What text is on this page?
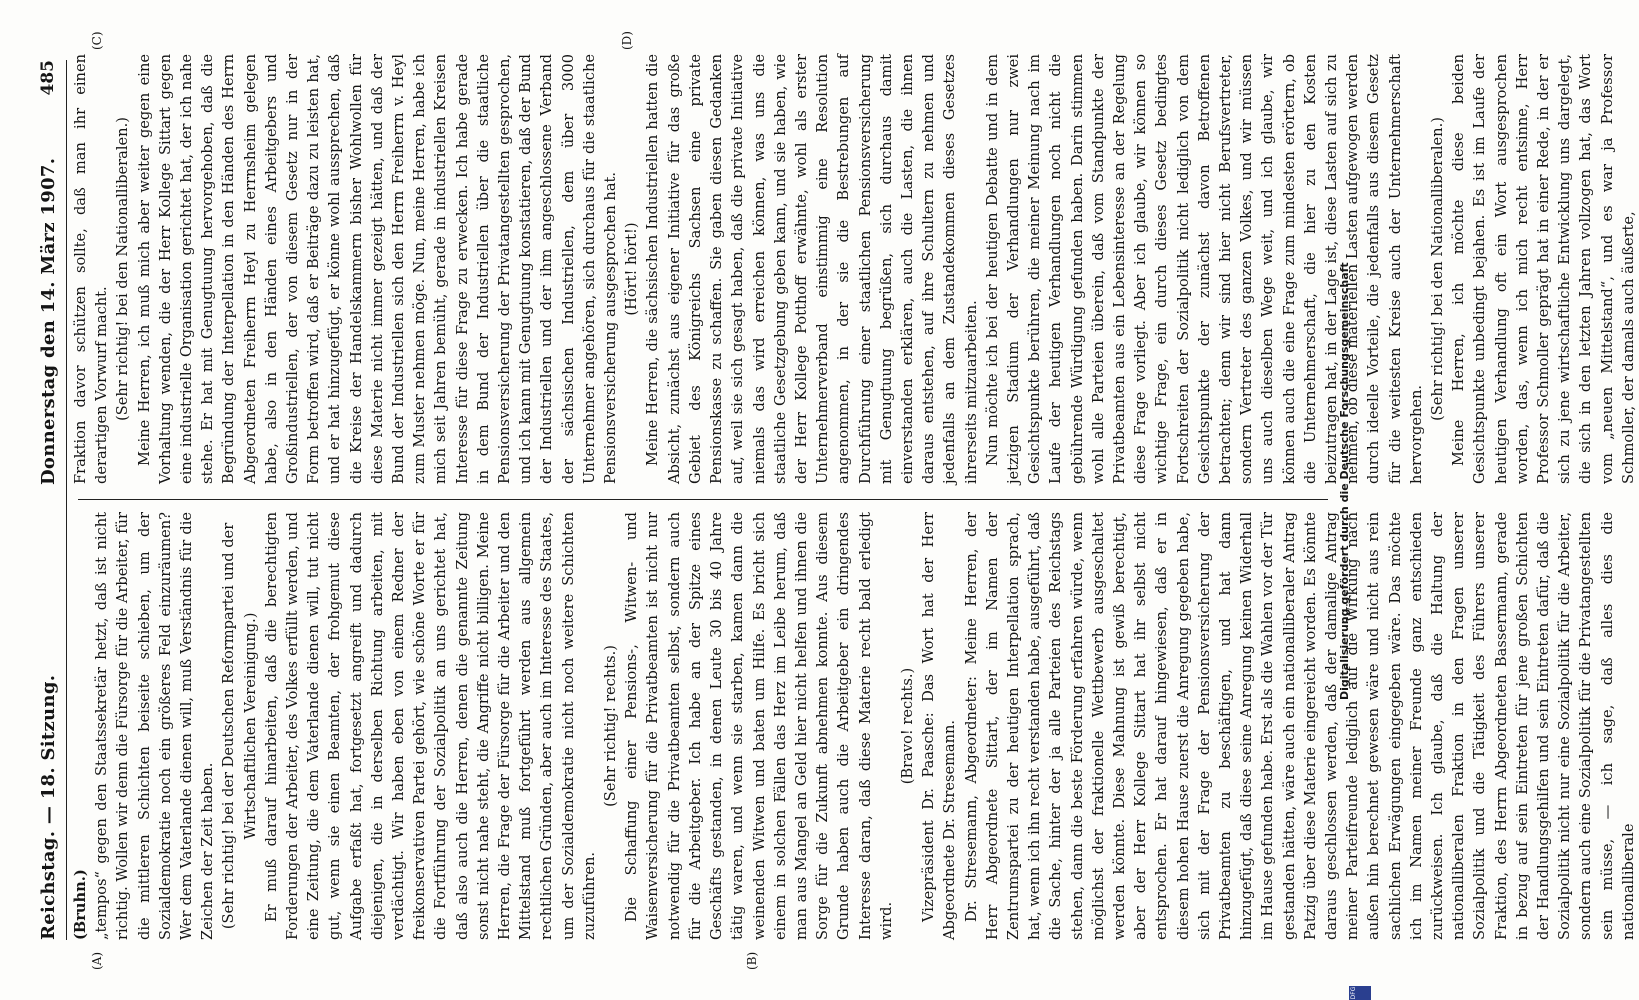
Reichstag. — 18. Sitzung.
Donnerstag den 14. März 1907.
485
(A)	(B)
(C)	(D)

(Bruhn.) „tempos“ gegen den Staatssekretär hetzt, daß ist nicht richtig. Wollen wir denn die Fürsorge für die Arbeiter, für die mittleren Schichten beiseite schieben, um der Sozialdemokratie noch ein größeres Feld einzuräumen? Wer dem Vaterlande dienen will, muß Verständnis für die Zeichen der Zeit haben. (Sehr richtig! bei der Deutschen Reformpartei und der Wirtschaftlichen Vereinigung.) Er muß darauf hinarbeiten, daß die berechtigten Forderungen der Arbeiter, des Volkes erfüllt werden, und eine Zeitung, die dem Vaterlande dienen will, tut nicht gut, wenn sie einen Beamten, der frohgemut diese Aufgabe erfaßt hat, fortgesetzt angreift und dadurch diejenigen, die in derselben Richtung arbeiten, mit verdächtigt. Wir haben eben von einem Redner der freikonservativen Partei gehört, wie schöne Worte er für die Fortführung der Sozialpolitik an uns gerichtet hat, daß also auch die Herren, denen die genannte Zeitung sonst nicht nahe steht, die Angriffe nicht billigen. Meine Herren, die Frage der Fürsorge für die Arbeiter und den Mittelstand muß fortgeführt werden aus allgemein rechtlichen Gründen, aber auch im Interesse des Staates, um der Sozialdemokratie nicht noch weitere Schichten zuzuführen.

(Sehr richtig! rechts.) Die Schaffung einer Pensions-, Witwen- und Waisenversicherung für die Privatbeamten ist nicht nur notwendig für die Privatbeamten selbst, sondern auch für die Arbeitgeber. Ich habe an der Spitze eines Geschäfts gestanden, in denen Leute 30 bis 40 Jahre tätig waren, und wenn sie starben, kamen dann die weinenden Witwen und baten um Hilfe. Es bricht sich einem in solchen Fällen das Herz im Leibe herum, daß man aus Mangel an Geld hier nicht helfen und ihnen die Sorge für die Zukunft abnehmen konnte. Aus diesem Grunde haben auch die Arbeitgeber ein dringendes Interesse daran, daß diese Materie recht bald erledigt wird.

(Bravo! rechts.) Vizepräsident Dr. Paasche: Das Wort hat der Herr Abgeordnete Dr. Stresemann. Dr. Stresemann, Abgeordneter: Meine Herren, der Herr Abgeordnete Sittart, der im Namen der Zentrumspartei zu der heutigen Interpellation sprach, hat, wenn ich ihn recht verstanden habe, ausgeführt, daß die Sache, hinter der ja alle Parteien des Reichstags stehen, dann die beste Förderung erfahren würde, wenn möglichst der fraktionelle Wettbewerb ausgeschaltet werden könnte. Diese Mahnung ist gewiß berechtigt, aber der Herr Kollege Sittart hat ihr selbst nicht entsprochen. Er hat darauf hingewiesen, daß er in diesem hohen Hause zuerst die Anregung gegeben habe, sich mit der Frage der Pensionsversicherung der Privatbeamten zu beschäftigen, und hat dann hinzugefügt, daß diese seine Anregung keinen Widerhall im Hause gefunden habe. Erst als die Wahlen vor der Tür gestanden hätten, wäre auch ein nationalliberaler Antrag Patzig über diese Materie eingereicht worden. Es könnte daraus geschlossen werden, daß der damalige Antrag meiner Parteifreunde lediglich auf die Wirkung nach außen hin berechnet gewesen wäre und nicht aus rein sachlichen Erwägungen eingegeben wäre. Das möchte ich im Namen meiner Freunde ganz entschieden zurückweisen. Ich glaube, daß die Haltung der nationalliberalen Fraktion in den Fragen unserer Sozialpolitik und die Tätigkeit des Führers unserer Fraktion, des Herrn Abgeordneten Bassermann, gerade in bezug auf sein Eintreten für jene großen Schichten der Handlungsgehilfen und sein Eintreten dafür, daß die Sozialpolitik nicht nur eine Sozialpolitik für die Arbeiter, sondern auch eine Sozialpolitik für die Privatangestellten sein müsse, — ich sage, daß alles dies die nationalliberale

Fraktion davor schützen sollte, daß man ihr einen derartigen Vorwurf macht. (Sehr richtig! bei den Nationalliberalen.) Meine Herren, ich muß mich aber weiter gegen eine Vorhaltung wenden, die der Herr Kollege Sittart gegen eine industrielle Organisation gerichtet hat, der ich nahe stehe. Er hat mit Genugtuung hervorgehoben, daß die Begründung der Interpellation in den Händen des Herrn Abgeordneten Freiherrn Heyl zu Herrnsheim gelegen habe, also in den Händen eines Arbeitgebers und Großindustriellen, der von diesem Gesetz nur in der Form betroffen wird, daß er Beiträge dazu zu leisten hat, und er hat hinzugefügt, er könne wohl aussprechen, daß die Kreise der Handelskammern bisher Wohlwollen für diese Materie nicht immer gezeigt hätten, und daß der Bund der Industriellen sich den Herrn Freiherrn v. Heyl zum Muster nehmen möge. Nun, meine Herren, habe ich mich seit Jahren bemüht, gerade in industriellen Kreisen Interesse für diese Frage zu erwecken. Ich habe gerade in dem Bund der Industriellen über die staatliche Pensionsversicherung der Privatangestellten gesprochen, und ich kann mit Genugtuung konstatieren, daß der Bund der Industriellen und der ihm angeschlossene Verband der sächsischen Industriellen, dem über 3000 Unternehmer angehören, sich durchaus für die staatliche Pensionsversicherung ausgesprochen hat. (Hört! hört!) Meine Herren, die sächsischen Industriellen hatten die Absicht, zunächst aus eigener Initiative für das große Gebiet des Königreichs Sachsen eine private Pensionskasse zu schaffen. Sie gaben diesen Gedanken auf, weil sie sich gesagt haben, daß die private Initiative niemals das wird erreichen können, was uns die staatliche Gesetzgebung geben kann, und sie haben, wie der Herr Kollege Potthoff erwähnte, wohl als erster Unternehmerverband einstimmig eine Resolution angenommen, in der sie die Bestrebungen auf Durchführung einer staatlichen Pensionsversicherung mit Genugtuung begrüßen, sich durchaus damit einverstanden erklären, auch die Lasten, die ihnen daraus entstehen, auf ihre Schultern zu nehmen und jedenfalls an dem Zustandekommen dieses Gesetzes ihrerseits mitzuarbeiten. Nun möchte ich bei der heutigen Debatte und in dem jetzigen Stadium der Verhandlungen nur zwei Gesichtspunkte berühren, die meiner Meinung nach im Laufe der heutigen Verhandlungen noch nicht die gebührende Würdigung gefunden haben. Darin stimmen wohl alle Parteien überein, daß vom Standpunkte der Privatbeamten aus ein Lebensinteresse an der Regelung diese Frage vorliegt. Aber ich glaube, wir können so wichtige Frage, ein durch dieses Gesetz bedingtes Fortschreiten der Sozialpolitik nicht lediglich von dem Gesichtspunkte der zunächst davon Betroffenen betrachten; denn wir sind hier nicht Berufsvertreter, sondern Vertreter des ganzen Volkes, und wir müssen uns auch dieselben Wege weit, und ich glaube, wir können auch die eine Frage zum mindesten erörtern, ob die Unternehmerschaft, die hier zu den Kosten beizutragen hat, in der Lage ist, diese Lasten auf sich zu nehmen, ob diese materiellen Lasten aufgewogen werden durch ideelle Vorteile, die jedenfalls aus diesem Gesetz für die weitesten Kreise auch der Unternehmerschaft hervorgehen.

(Sehr richtig! bei den Nationalliberalen.) Meine Herren, ich möchte diese beiden Gesichtspunkte unbedingt bejahen. Es ist im Laufe der heutigen Verhandlung oft ein Wort ausgesprochen worden, das, wenn ich mich recht entsinne, Herr Professor Schmoller geprägt hat in einer Rede, in der er sich zu jene wirtschaftliche Entwicklung uns dargelegt, die sich in den letzten Jahren vollzogen hat, das Wort vom „neuen Mittelstand“, und es war ja Professor Schmoller, der damals auch äußerte,

DFG
Digitalisierung gefördert durch die Deutsche Forschungsgemeinschaft
